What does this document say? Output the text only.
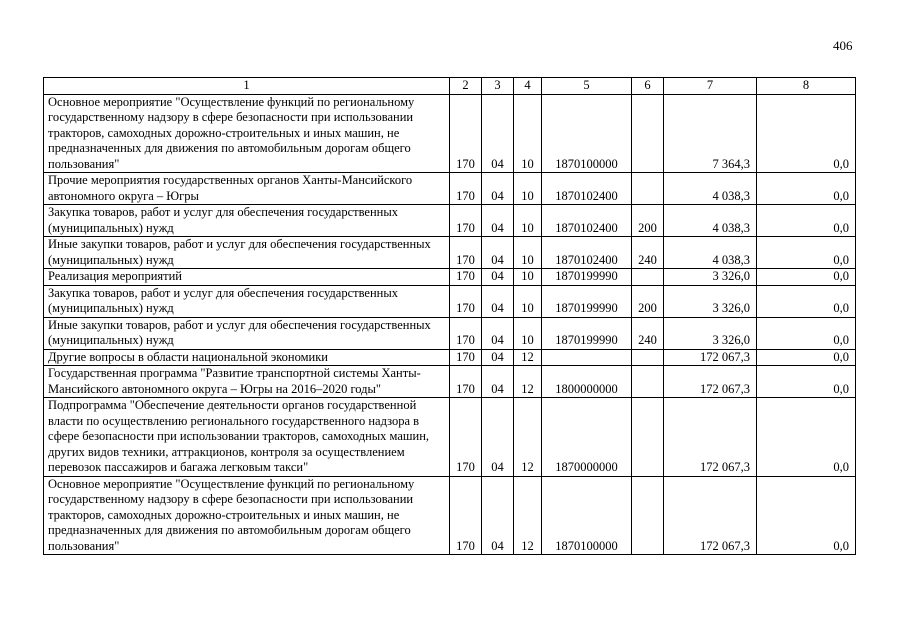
406
1	2	3	4	5	6	7	8
Основное мероприятие "Осуществление функций по региональному государственному надзору в сфере безопасности при использовании тракторов, самоходных дорожно-строительных и иных машин, не предназначенных для движения по автомобильным дорогам общего пользования"	170	04	10	1870100000		7 364,3	0,0
Прочие мероприятия государственных органов Ханты-Мансийского автономного округа – Югры	170	04	10	1870102400		4 038,3	0,0
Закупка товаров, работ и услуг для обеспечения государственных (муниципальных) нужд	170	04	10	1870102400	200	4 038,3	0,0
Иные закупки товаров, работ и услуг для обеспечения государственных (муниципальных) нужд	170	04	10	1870102400	240	4 038,3	0,0
Реализация мероприятий	170	04	10	1870199990		3 326,0	0,0
Закупка товаров, работ и услуг для обеспечения государственных (муниципальных) нужд	170	04	10	1870199990	200	3 326,0	0,0
Иные закупки товаров, работ и услуг для обеспечения государственных (муниципальных) нужд	170	04	10	1870199990	240	3 326,0	0,0
Другие вопросы в области национальной экономики	170	04	12			172 067,3	0,0
Государственная программа "Развитие транспортной системы Ханты-Мансийского автономного округа – Югры на 2016–2020 годы"	170	04	12	1800000000		172 067,3	0,0
Подпрограмма "Обеспечение деятельности органов государственной власти по осуществлению регионального государственного надзора в сфере безопасности при использовании тракторов, самоходных машин, других видов техники, аттракционов, контроля за осуществлением перевозок пассажиров и багажа легковым такси"	170	04	12	1870000000		172 067,3	0,0
Основное мероприятие "Осуществление функций по региональному государственному надзору в сфере безопасности при использовании тракторов, самоходных дорожно-строительных и иных машин, не предназначенных для движения по автомобильным дорогам общего пользования"	170	04	12	1870100000		172 067,3	0,0
